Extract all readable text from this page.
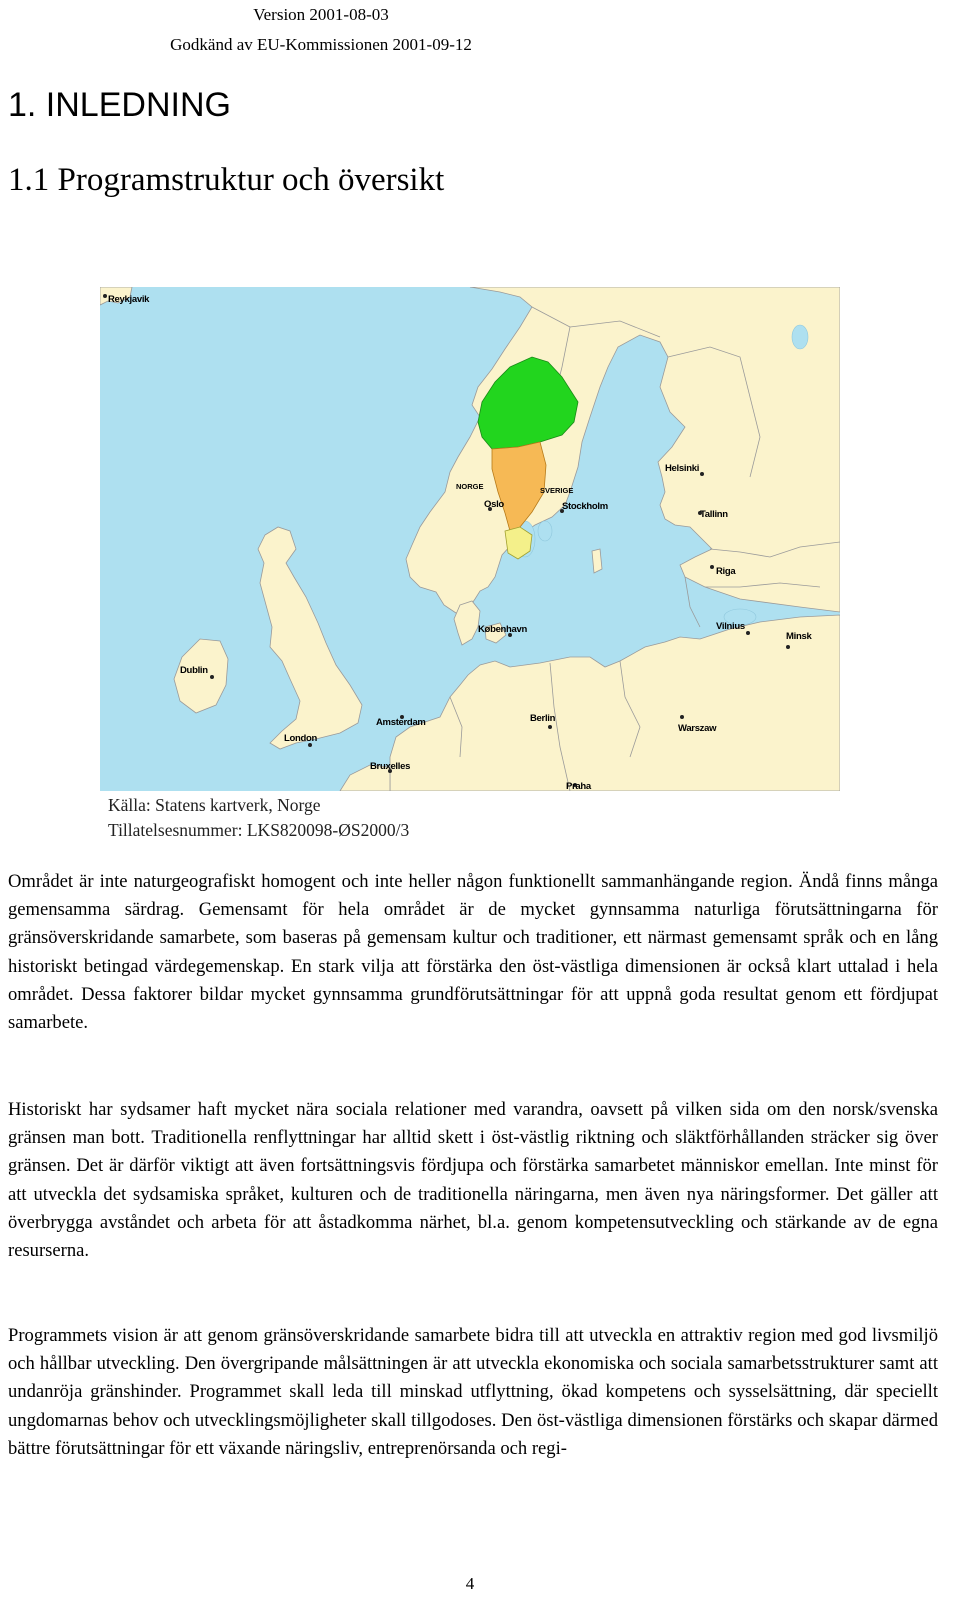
Version 2001-08-03
Godkänd av EU-Kommissionen 2001-09-12
1. INLEDNING
1.1 Programstruktur och översikt
Reykjavik
Helsinki
NORGE
Oslo
SVERIGE
Stockholm
Tallinn
Riga
København	Vilnius
Minsk
Dublin
Amsterdam	Berlin
Warszaw
London
Bruxelles
Praha
Källa: Statens kartverk, Norge
Tillatelsesnummer: LKS820098-ØS2000/3

Området är inte naturgeografiskt homogent och inte heller någon funktionellt sammanhängande region. Ändå finns många gemensamma särdrag. Gemensamt för hela området är de mycket gynnsamma naturliga förutsättningarna för gränsöverskridande samarbete, som baseras på gemensam kultur och traditioner, ett närmast gemensamt språk och en lång historiskt betingad värdegemenskap. En stark vilja att förstärka den öst-västliga dimensionen är också klart uttalad i hela området. Dessa faktorer bildar mycket gynnsamma grundförutsättningar för att uppnå goda resultat genom ett fördjupat samarbete.

Historiskt har sydsamer haft mycket nära sociala relationer med varandra, oavsett på vilken sida om den norsk/svenska gränsen man bott. Traditionella renflyttningar har alltid skett i öst-västlig riktning och släktförhållanden sträcker sig över gränsen. Det är därför viktigt att även fortsättningsvis fördjupa och förstärka samarbetet människor emellan. Inte minst för att utveckla det sydsamiska språket, kulturen och de traditionella näringarna, men även nya näringsformer. Det gäller att överbrygga avståndet och arbeta för att åstadkomma närhet, bl.a. genom kompetensutveckling och stärkande av de egna resurserna.

Programmets vision är att genom gränsöverskridande samarbete bidra till att utveckla en attraktiv region med god livsmiljö och hållbar utveckling. Den övergripande målsättningen är att utveckla ekonomiska och sociala samarbetsstrukturer samt att undanröja gränshinder. Programmet skall leda till minskad utflyttning, ökad kompetens och sysselsättning, där speciellt ungdomarnas behov och utvecklingsmöjligheter skall tillgodoses. Den öst-västliga dimensionen förstärks och skapar därmed bättre förutsättningar för ett växande näringsliv, entreprenörsanda och regi-

4
